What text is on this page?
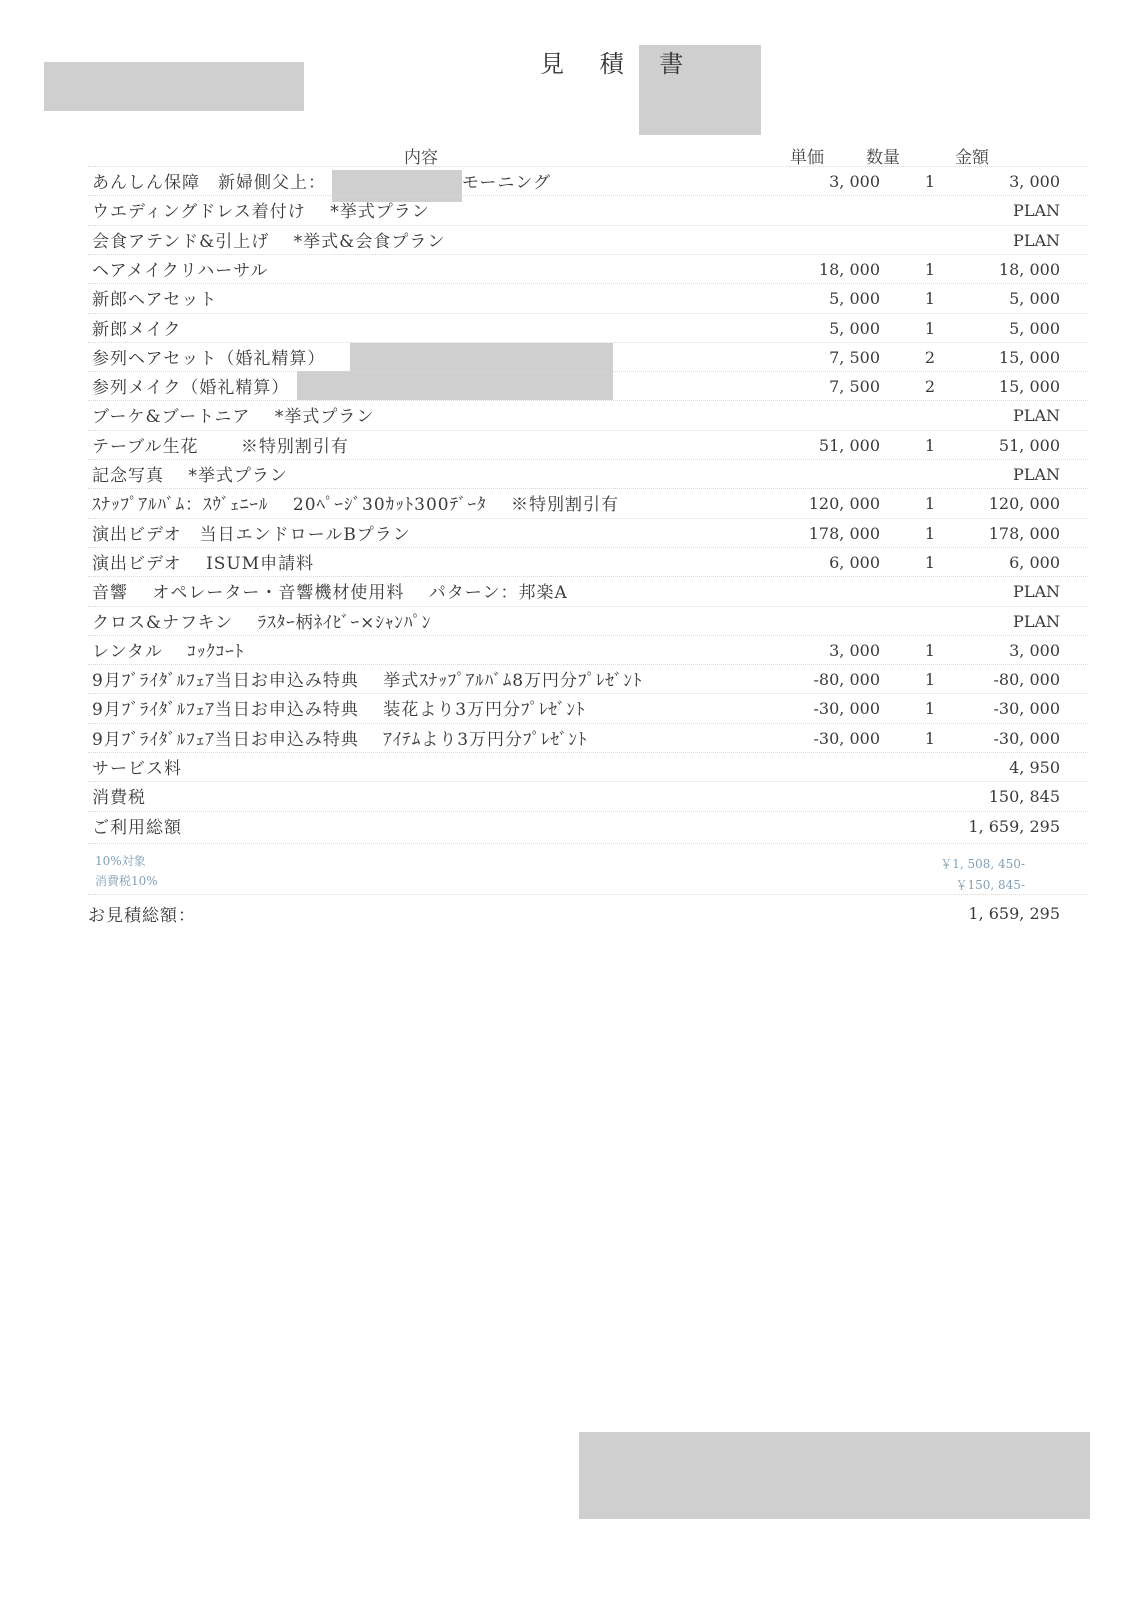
見 積 書
内容	単価 数量	金額
あんしん保障　新婦側父上：	モーニング	3, 000	1	3, 000
ウエディングドレス着付け　 *挙式プラン	PLAN
会食アテンド&引上げ　 *挙式&会食プラン	PLAN
ヘアメイクリハーサル	18, 000	1	18, 000
新郎ヘアセット	5, 000	1	5, 000
新郎メイク	5, 000	1	5, 000
参列ヘアセット（婚礼精算）	7, 500	2	15, 000
参列メイク（婚礼精算）	7, 500	2	15, 000
ブーケ&ブートニア　 *挙式プラン	PLAN
テーブル生花　　 ※特別割引有	51, 000	1	51, 000
記念写真　 *挙式プラン	PLAN
ｽﾅｯﾌﾟｱﾙﾊﾞﾑ：ｽｳﾞｪﾆｰﾙ　 20ﾍﾟｰｼﾞ30ｶｯﾄ300ﾃﾞｰﾀ　 ※特別割引有	120, 000	1	120, 000
演出ビデオ　当日エンドロールBプラン	178, 000	1	178, 000
演出ビデオ　 ISUM申請料	6, 000	1	6, 000
音響　 オペレーター・音響機材使用料　 パターン：邦楽A	PLAN
クロス&ナフキン　 ﾗｽﾀｰ柄ﾈｲﾋﾞｰ×ｼｬﾝﾊﾟﾝ	PLAN
レンタル　 ｺｯｸｺｰﾄ	3, 000	1	3, 000
9月ﾌﾞﾗｲﾀﾞﾙﾌｪｱ当日お申込み特典　 挙式ｽﾅｯﾌﾟｱﾙﾊﾞﾑ8万円分ﾌﾟﾚｾﾞﾝﾄ	-80, 000	1	-80, 000
9月ﾌﾞﾗｲﾀﾞﾙﾌｪｱ当日お申込み特典　 装花より3万円分ﾌﾟﾚｾﾞﾝﾄ	-30, 000	1	-30, 000
9月ﾌﾞﾗｲﾀﾞﾙﾌｪｱ当日お申込み特典　 ｱｲﾃﾑより3万円分ﾌﾟﾚｾﾞﾝﾄ	-30, 000	1	-30, 000
サービス料	4, 950
消費税	150, 845
ご利用総額	1, 659, 295
10%対象	￥1, 508, 450-
消費税10%	￥150, 845-
お見積総額：	1, 659, 295
